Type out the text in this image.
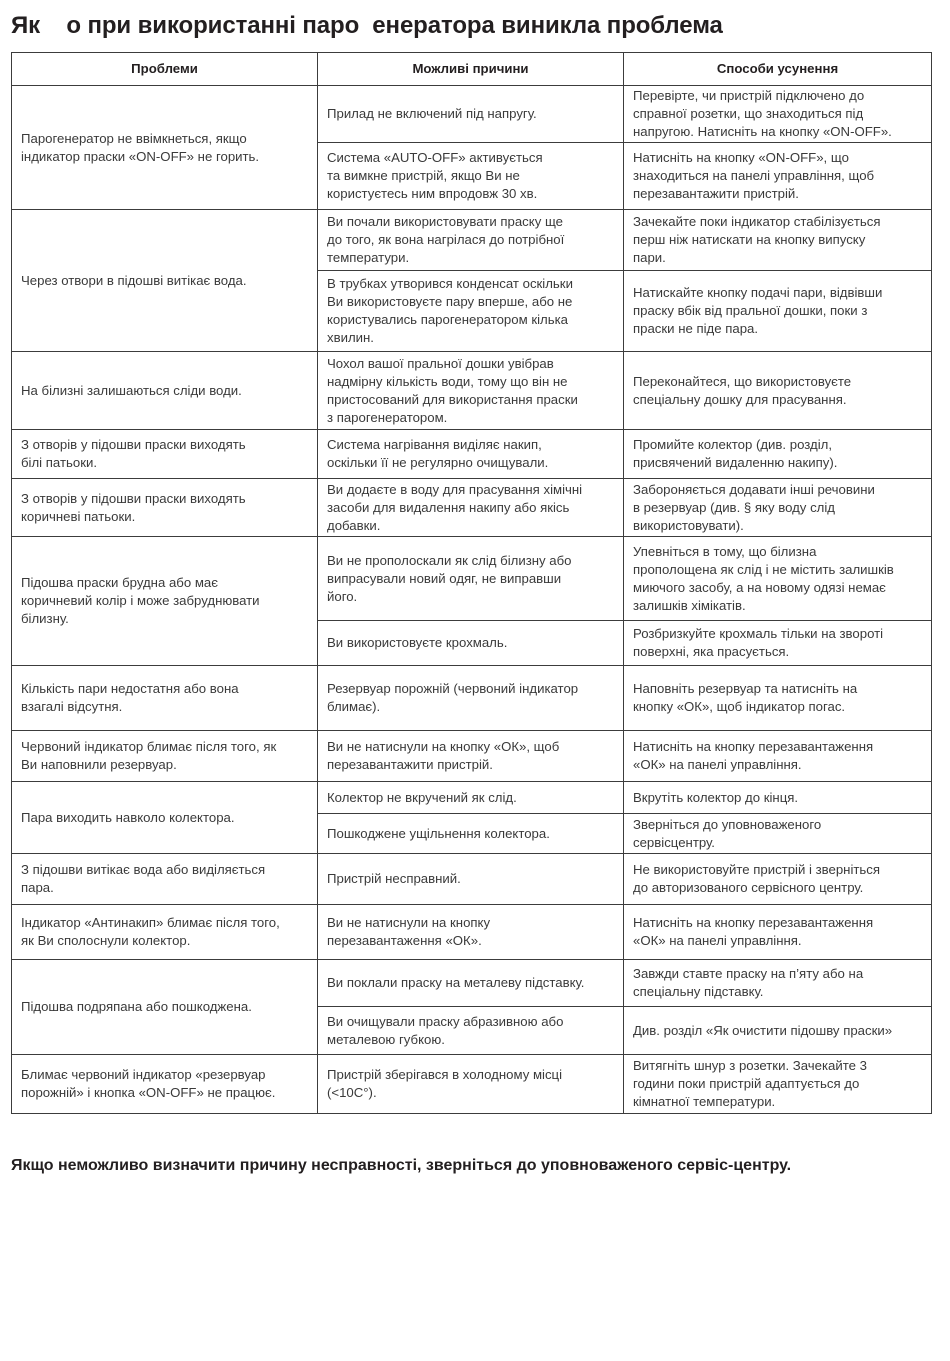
Як    о при використанні паро  енератора виникла проблема
Проблеми	Можливі причини	Способи усунення
Парогенератор не ввімкнеться, якщо
індикатор праски «ON-OFF» не горить.	Прилад не включений під напругу.	Перевірте, чи пристрій підключено до
справної розетки, що знаходиться під
напругою. Натисніть на кнопку «ON-OFF».
	Система «AUTO-OFF» активується
та вимкне пристрій, якщо Ви не
користуєтесь ним впродовж 30 хв.	Натисніть на кнопку «ON-OFF», що
знаходиться на панелі управління, щоб
перезавантажити пристрій.
Через отвори в підошві витікає вода.	Ви почали використовувати праску ще
до того, як вона нагрілася до потрібної
температури.	Зачекайте поки індикатор стабілізується
перш ніж натискати на кнопку випуску
пари.
	В трубках утворився конденсат оскільки
Ви використовуєте пару вперше, або не
користувались парогенератором кілька
хвилин.	Натискайте кнопку подачі пари, відвівши
праску вбік від пральної дошки, поки з
праски не піде пара.
На білизні залишаються сліди води.	Чохол вашої пральної дошки увібрав
надмірну кількість води, тому що він не
пристосований для використання праски
з парогенератором.	Переконайтеся, що використовуєте
спеціальну дошку для прасування.
З отворів у підошви праски виходять
білі патьоки.	Система нагрівання виділяє накип,
оскільки її не регулярно очищували.	Промийте колектор (див. розділ,
присвячений видаленню накипу).
З отворів у підошви праски виходять
коричневі патьоки.	Ви додаєте в воду для прасування хімічні
засоби для видалення накипу або якісь
добавки.	Забороняється додавати інші речовини
в резервуар (див. § яку воду слід
використовувати).
Підошва праски брудна або має
коричневий колір і може забруднювати
білизну.	Ви не прополоскали як слід білизну або
випрасували новий одяг, не виправши
його.	Упевніться в тому, що білизна
прополощена як слід і не містить залишків
миючого засобу, а на новому одязі немає
залишків хімікатів.
	Ви використовуєте крохмаль.	Розбризкуйте крохмаль тільки на звороті
поверхні, яка прасується.
Кількість пари недостатня або вона
взагалі відсутня.	Резервуар порожній (червоний індикатор
блимає).	Наповніть резервуар та натисніть на
кнопку «ОК», щоб індикатор погас.
Червоний індикатор блимає після того, як
Ви наповнили резервуар.	Ви не натиснули на кнопку «ОК», щоб
перезавантажити пристрій.	Натисніть на кнопку перезавантаження
«ОК» на панелі управління.
Пара виходить навколо колектора.	Колектор не вкручений як слід.	Вкрутіть колектор до кінця.
	Пошкоджене ущільнення колектора.	Зверніться до уповноваженого
сервісцентру.
З підошви витікає вода або виділяється
пара.	Пристрій несправний.	Не використовуйте пристрій і зверніться
до авторизованого сервісного центру.
Індикатор «Антинакип» блимає після того,
як Ви сполоснули колектор.	Ви не натиснули на кнопку
перезавантаження «ОК».	Натисніть на кнопку перезавантаження
«ОК» на панелі управління.
Підошва подряпана або пошкоджена.	Ви поклали праску на металеву підставку.	Завжди ставте праску на п’яту або на
спеціальну підставку.
	Ви очищували праску абразивною або
металевою губкою.	Див. розділ «Як очистити підошву праски»
Блимає червоний індикатор «резервуар
порожній» і кнопка «ON-OFF» не працює.	Пристрій зберігався в холодному місці
(<10C°).	Витягніть шнур з розетки. Зачекайте 3
години поки пристрій адаптується до
кімнатної температури.

Якщо неможливо визначити причину несправності, зверніться до уповноваженого сервіс-центру.
